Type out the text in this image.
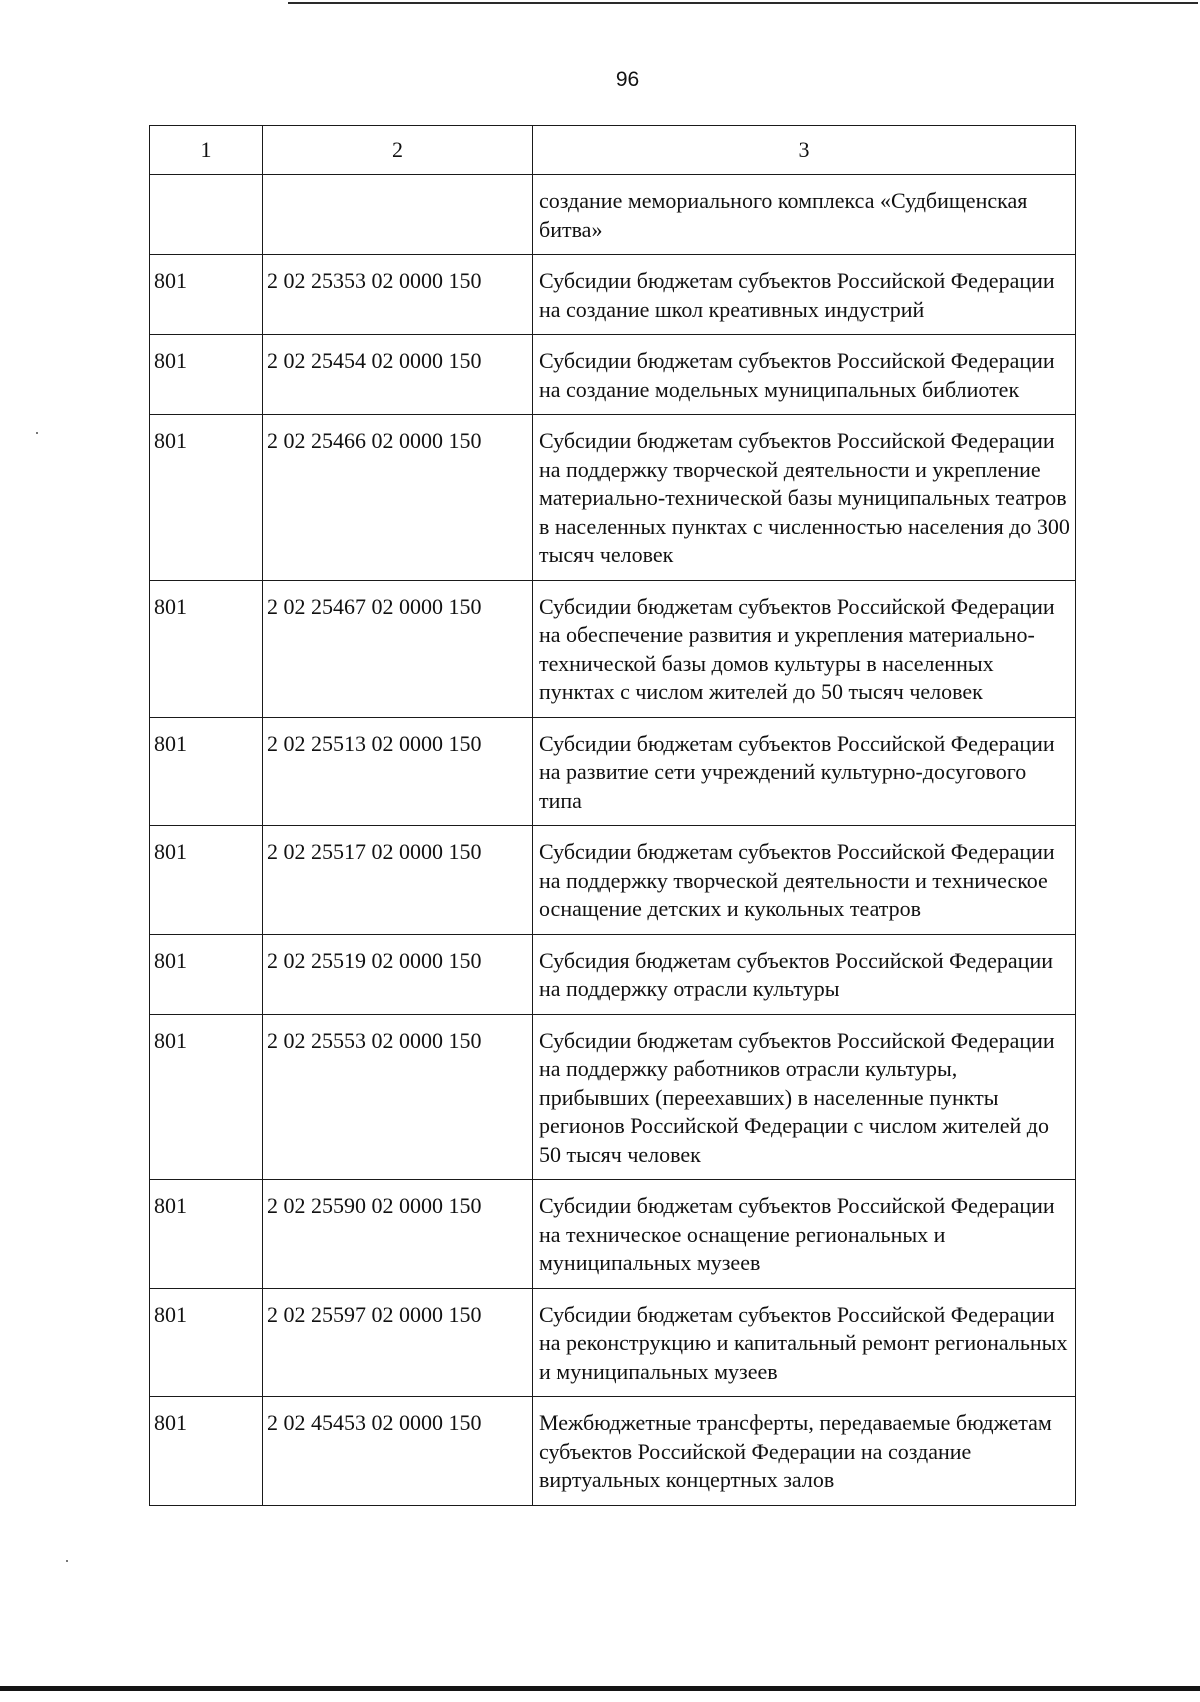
96
1	2	3
		создание мемориального комплекса «Судбищенская битва»
801	2 02 25353 02 0000 150	Субсидии бюджетам субъектов Российской Федерации на создание школ креативных индустрий
801	2 02 25454 02 0000 150	Субсидии бюджетам субъектов Российской Федерации на создание модельных муниципальных библиотек
801	2 02 25466 02 0000 150	Субсидии бюджетам субъектов Российской Федерации на поддержку творческой деятельности и укрепление материально-технической базы муниципальных театров в населенных пунктах с численностью населения до 300 тысяч человек
801	2 02 25467 02 0000 150	Субсидии бюджетам субъектов Российской Федерации на обеспечение развития и укрепления материально-технической базы домов культуры в населенных пунктах с числом жителей до 50 тысяч человек
801	2 02 25513 02 0000 150	Субсидии бюджетам субъектов Российской Федерации на развитие сети учреждений культурно-досугового типа
801	2 02 25517 02 0000 150	Субсидии бюджетам субъектов Российской Федерации на поддержку творческой деятельности и техническое оснащение детских и кукольных театров
801	2 02 25519 02 0000 150	Субсидия бюджетам субъектов Российской Федерации на поддержку отрасли культуры
801	2 02 25553 02 0000 150	Субсидии бюджетам субъектов Российской Федерации на поддержку работников отрасли культуры, прибывших (переехавших) в населенные пункты регионов Российской Федерации с числом жителей до 50 тысяч человек
801	2 02 25590 02 0000 150	Субсидии бюджетам субъектов Российской Федерации на техническое оснащение региональных и муниципальных музеев
801	2 02 25597 02 0000 150	Субсидии бюджетам субъектов Российской Федерации на реконструкцию и капитальный ремонт региональных и муниципальных музеев
801	2 02 45453 02 0000 150	Межбюджетные трансферты, передаваемые бюджетам субъектов Российской Федерации на создание виртуальных концертных залов
